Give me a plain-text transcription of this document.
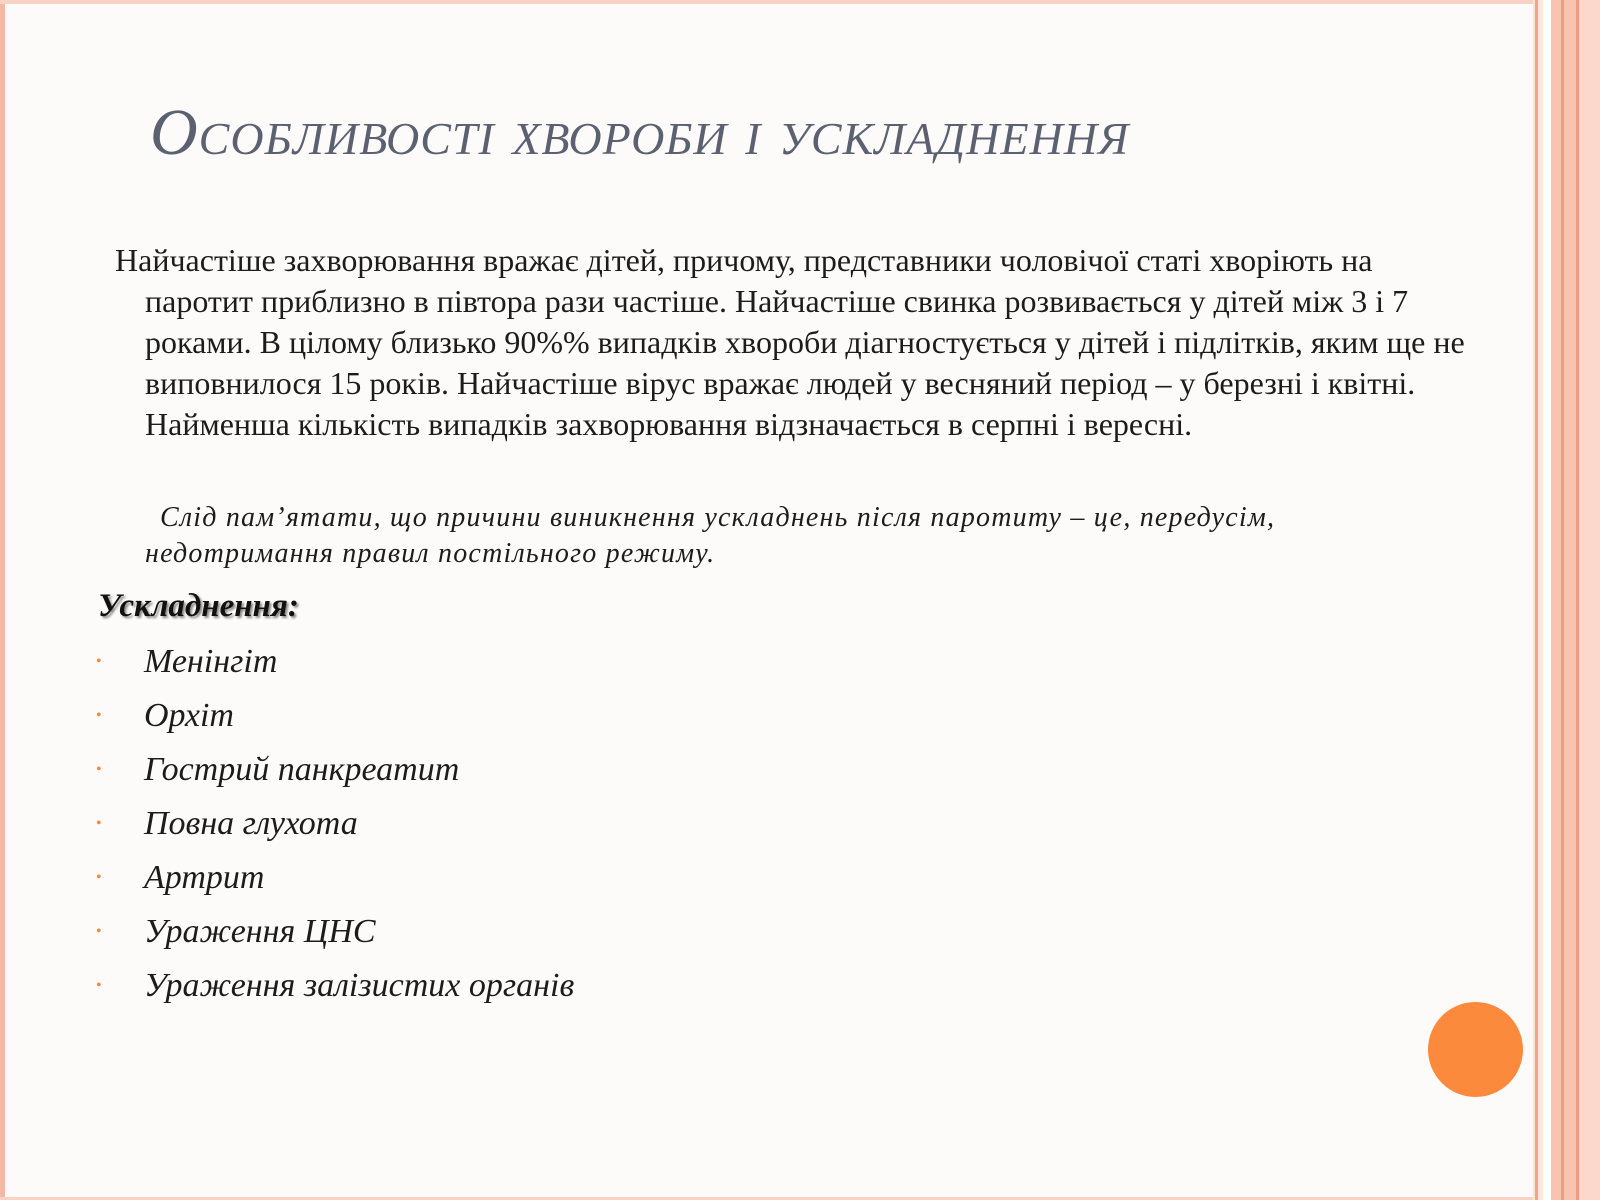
Особливості хвороби і ускладнення

Найчастіше захворювання вражає дітей, причому, представники чоловічої статі хворіють на паротит приблизно в півтора рази частіше. Найчастіше свинка розвивається у дітей між 3 і 7 роками. В цілому близько 90%% випадків хвороби діагностується у дітей і підлітків, яким ще не виповнилося 15 років. Найчастіше вірус вражає людей у весняний період – у березні і квітні. Найменша кількість випадків захворювання відзначається в серпні і вересні.

Слід пам’ятати, що причини виникнення ускладнень після паротиту – це, передусім, недотримання правил постільного режиму.

Ускладнення:
• Менінгіт
• Орхіт
• Гострий панкреатит
• Повна глухота
• Артрит
• Ураження ЦНС
• Ураження залізистих органів
